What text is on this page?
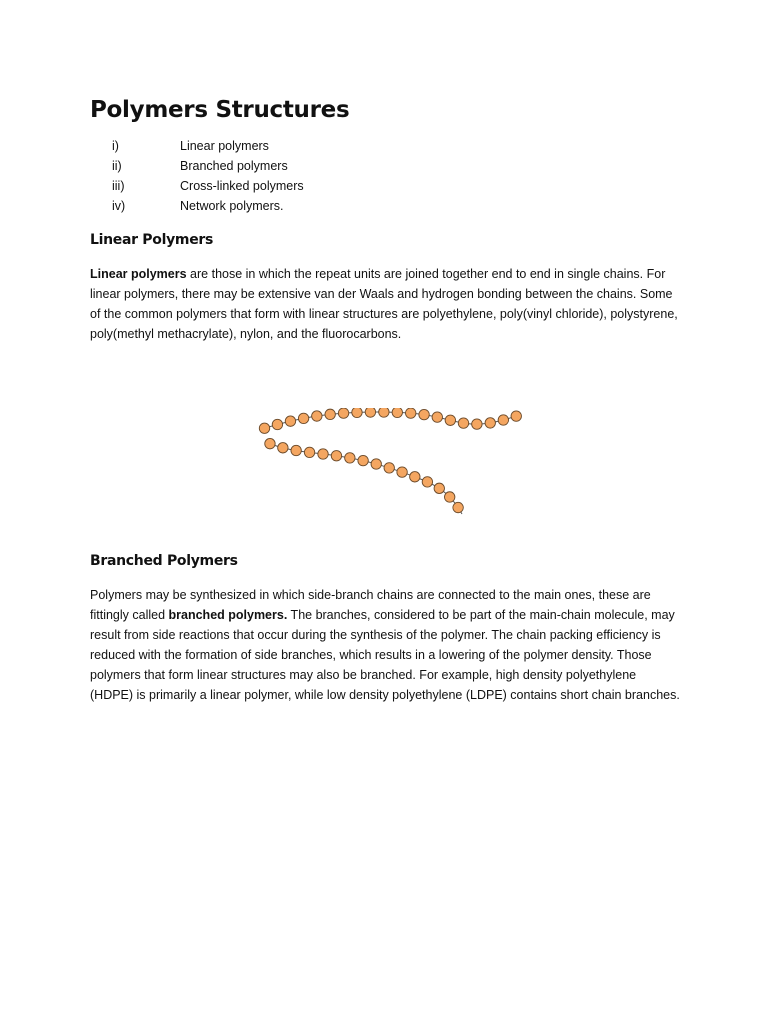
Polymers Structures
i)	Linear polymers
ii)	Branched polymers
iii)	Cross-linked polymers
iv)	Network polymers.
Linear Polymers

Linear polymers are those in which the repeat units are joined together end to end in single chains. For linear polymers, there may be extensive van der Waals and hydrogen bonding between the chains. Some of the common polymers that form with linear structures are polyethylene, poly(vinyl chloride), polystyrene, poly(methyl methacrylate), nylon, and the fluorocarbons.

Branched Polymers

Polymers may be synthesized in which side-branch chains are connected to the main ones, these are fittingly called branched polymers. The branches, considered to be part of the main-chain molecule, may result from side reactions that occur during the synthesis of the polymer. The chain packing efficiency is reduced with the formation of side branches, which results in a lowering of the polymer density. Those polymers that form linear structures may also be branched. For example, high density polyethylene (HDPE) is primarily a linear polymer, while low density polyethylene (LDPE) contains short chain branches.
